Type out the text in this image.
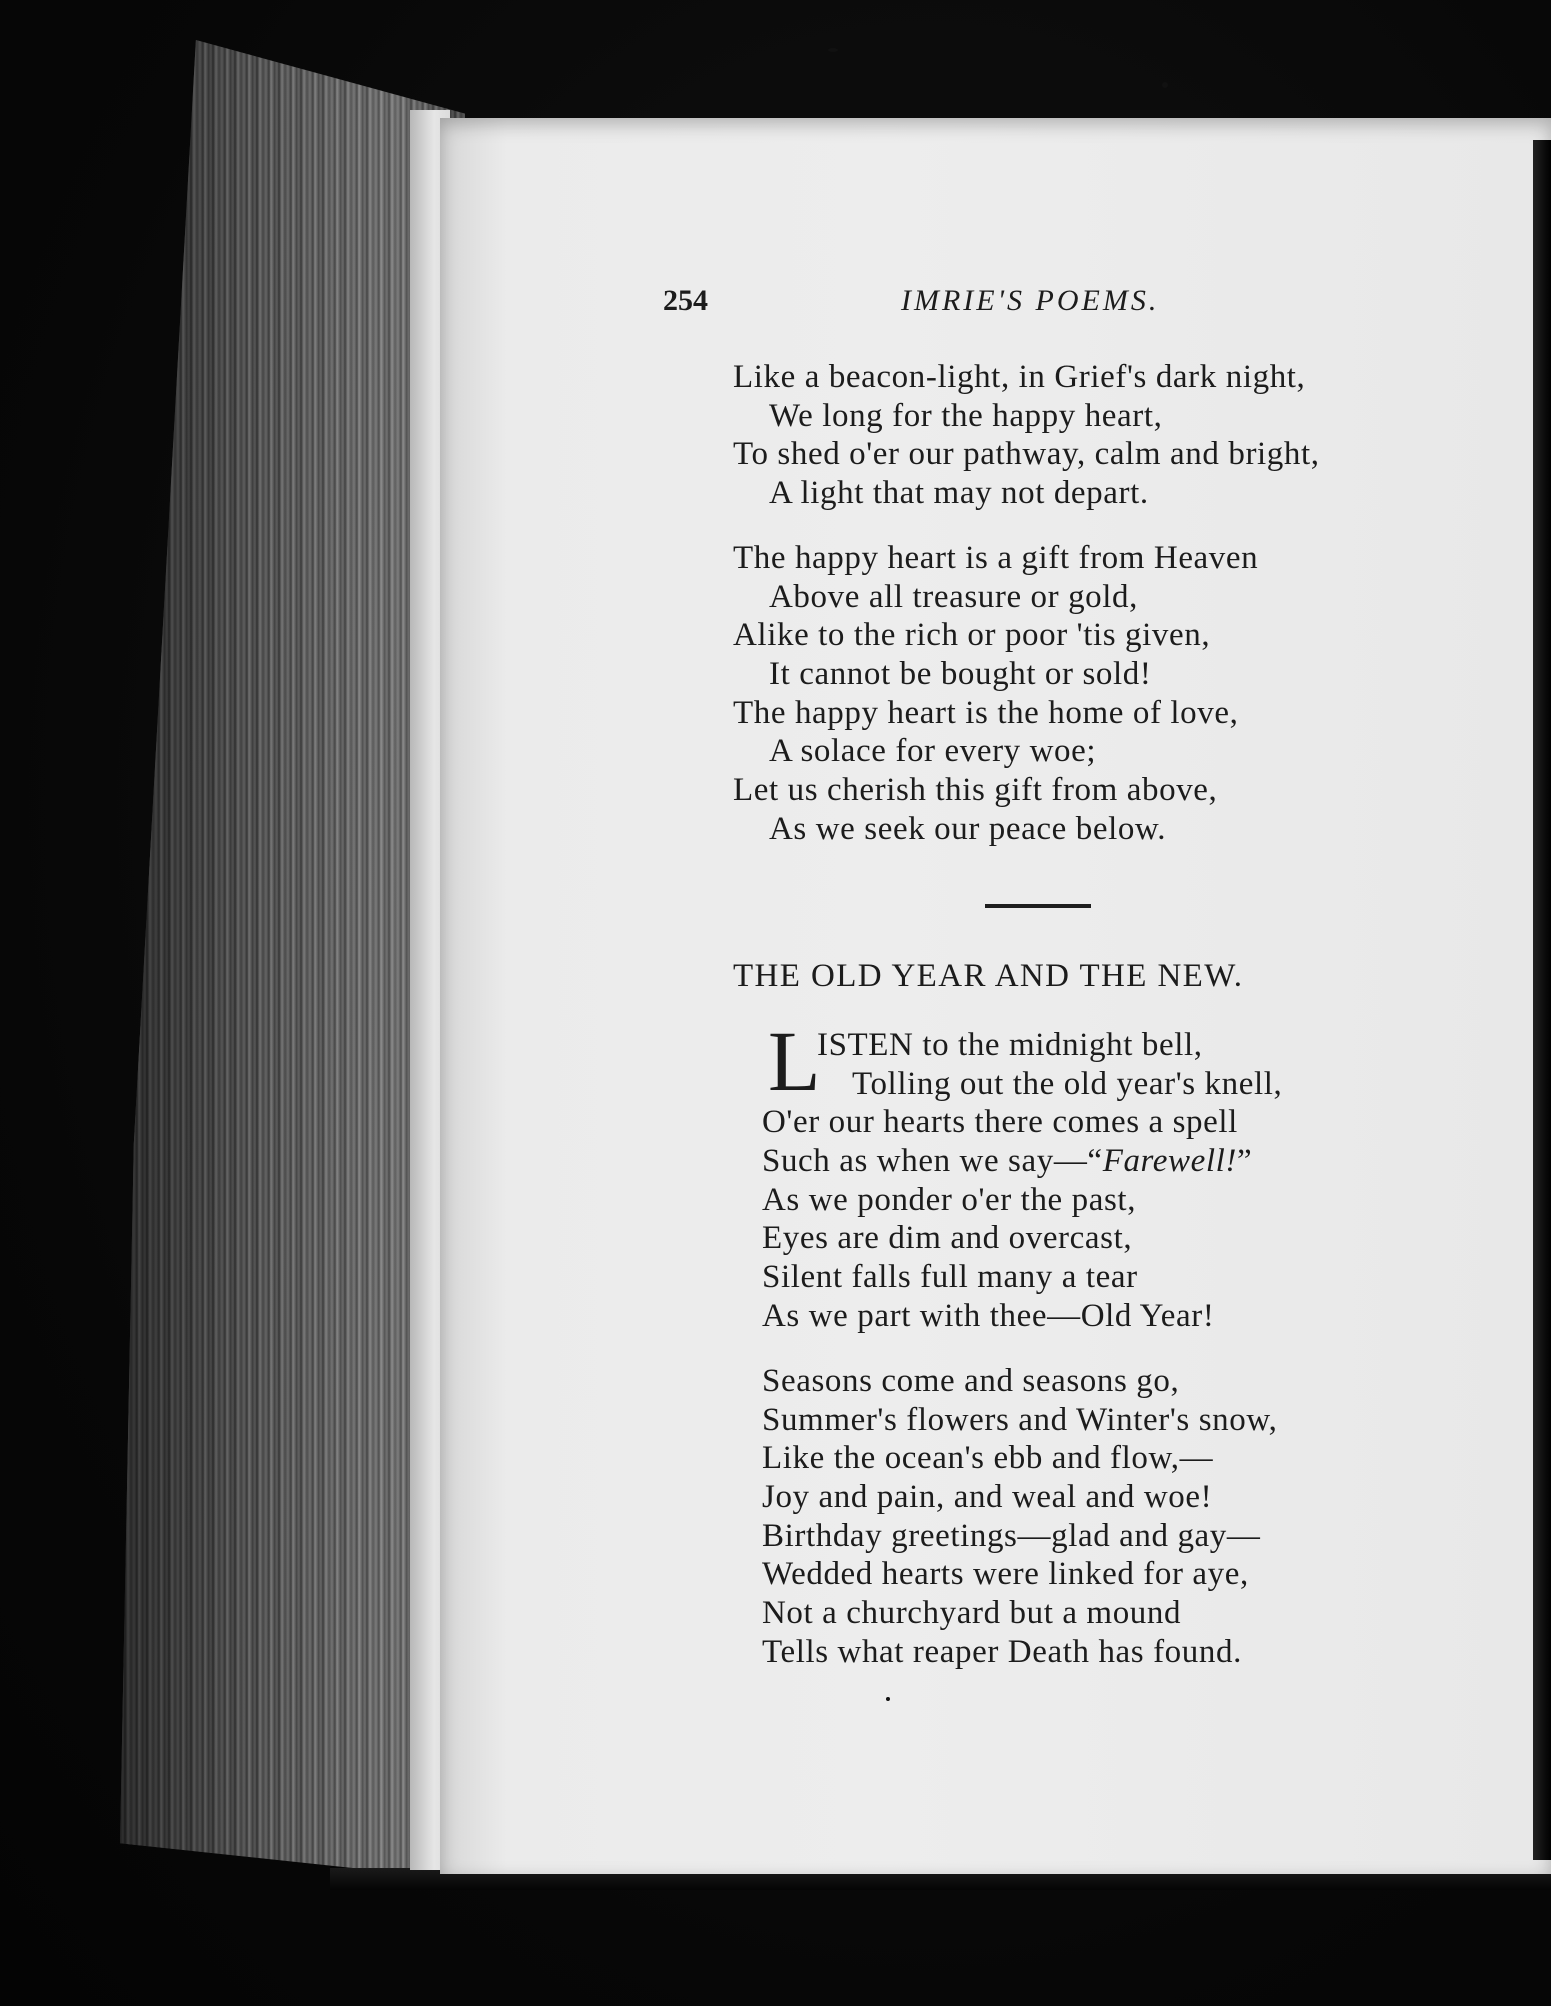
254	IMRIE'S POEMS.
Like a beacon-light, in Grief's dark night,
We long for the happy heart,
To shed o'er our pathway, calm and bright,
A light that may not depart.
The happy heart is a gift from Heaven
Above all treasure or gold,
Alike to the rich or poor 'tis given,
It cannot be bought or sold!
The happy heart is the home of love,
A solace for every woe;
Let us cherish this gift from above,
As we seek our peace below.
THE OLD YEAR AND THE NEW.
L
ISTEN to the midnight bell,
Tolling out the old year's knell,
O'er our hearts there comes a spell
Such as when we say—“Farewell!”
As we ponder o'er the past,
Eyes are dim and overcast,
Silent falls full many a tear
As we part with thee—Old Year!
Seasons come and seasons go,
Summer's flowers and Winter's snow,
Like the ocean's ebb and flow,—
Joy and pain, and weal and woe!
Birthday greetings—glad and gay—
Wedded hearts were linked for aye,
Not a churchyard but a mound
Tells what reaper Death has found.
